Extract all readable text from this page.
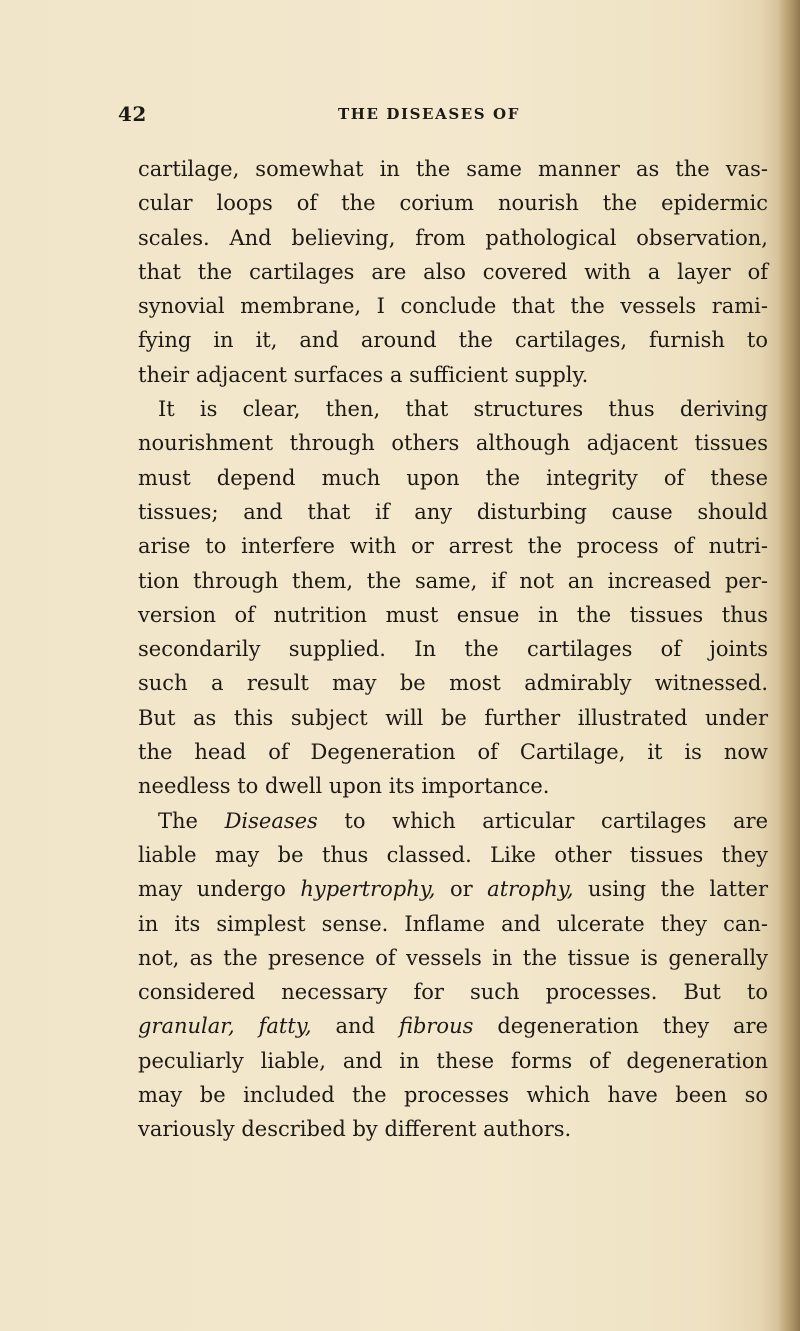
42	THE DISEASES OF
cartilage, somewhat in the same manner as the vas-
cular loops of the corium nourish the epidermic
scales. And believing, from pathological observation,
that the cartilages are also covered with a layer of
synovial membrane, I conclude that the vessels rami-
fying in it, and around the cartilages, furnish to
their adjacent surfaces a sufficient supply.
It is clear, then, that structures thus deriving
nourishment through others although adjacent tissues
must depend much upon the integrity of these
tissues; and that if any disturbing cause should
arise to interfere with or arrest the process of nutri-
tion through them, the same, if not an increased per-
version of nutrition must ensue in the tissues thus
secondarily supplied. In the cartilages of joints
such a result may be most admirably witnessed.
But as this subject will be further illustrated under
the head of Degeneration of Cartilage, it is now
needless to dwell upon its importance.
The Diseases to which articular cartilages are
liable may be thus classed. Like other tissues they
may undergo hypertrophy, or atrophy, using the latter
in its simplest sense. Inflame and ulcerate they can-
not, as the presence of vessels in the tissue is generally
considered necessary for such processes. But to
granular, fatty, and fibrous degeneration they are
peculiarly liable, and in these forms of degeneration
may be included the processes which have been so
variously described by different authors.
